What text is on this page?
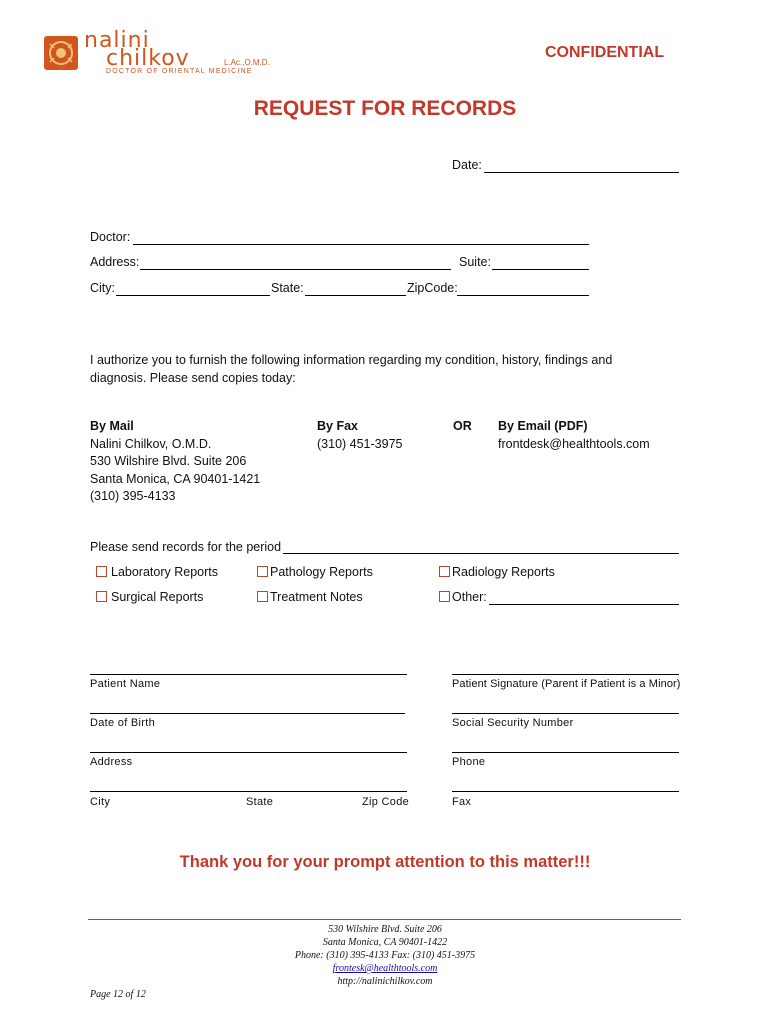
nalini
chilkov	L.Ac.,O.M.D.
DOCTOR OF ORIENTAL MEDICINE
CONFIDENTIAL
REQUEST FOR RECORDS
Date:
Doctor:
Address:	Suite:
City:	State:	ZipCode:
I authorize you to furnish the following information regarding my condition, history, findings and
diagnosis. Please send copies today:
By Mail
Nalini Chilkov, O.M.D.
530 Wilshire Blvd. Suite 206
Santa Monica, CA 90401-1421
(310) 395-4133
By Fax
(310) 451-3975
OR By Email (PDF)
frontdesk@healthtools.com
Please send records for the period
Laboratory Reports	Pathology Reports	Radiology Reports
Surgical Reports	Treatment Notes	Other:
Patient Name	Patient Signature (Parent if Patient is a Minor)
Date of Birth	Social Security Number
Address	Phone
City	State	Zip Code	Fax
Thank you for your prompt attention to this matter!!!
530 Wilshire Blvd. Suite 206
Santa Monica, CA 90401-1422
Phone: (310) 395-4133 Fax: (310) 451-3975
frontesk@healthtools.com
http://nalinichilkov.com
Page 12 of 12
